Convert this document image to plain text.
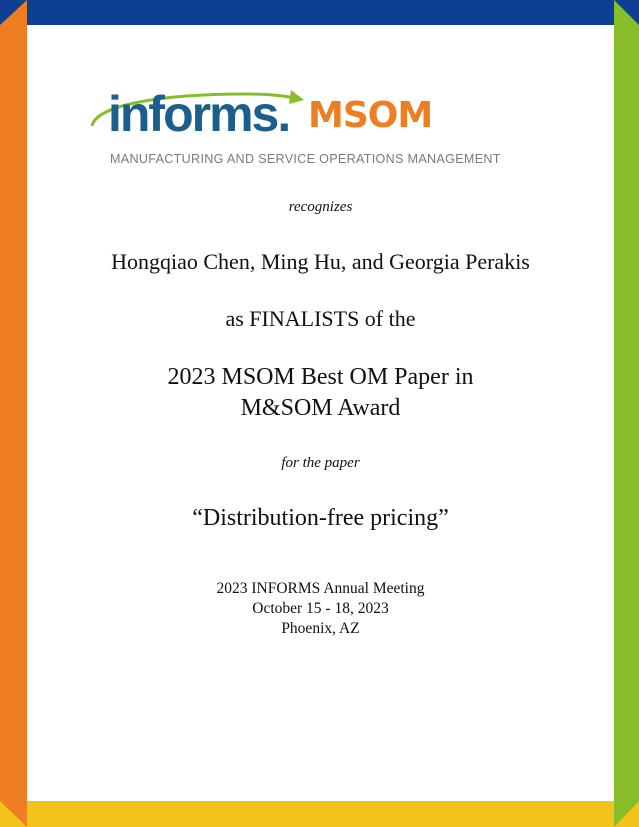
informs. MSOM
MANUFACTURING AND SERVICE OPERATIONS MANAGEMENT
recognizes
Hongqiao Chen, Ming Hu, and Georgia Perakis
as FINALISTS of the
2023 MSOM Best OM Paper in
M&SOM Award
for the paper
“Distribution-free pricing”
2023 INFORMS Annual Meeting
October 15 - 18, 2023
Phoenix, AZ
